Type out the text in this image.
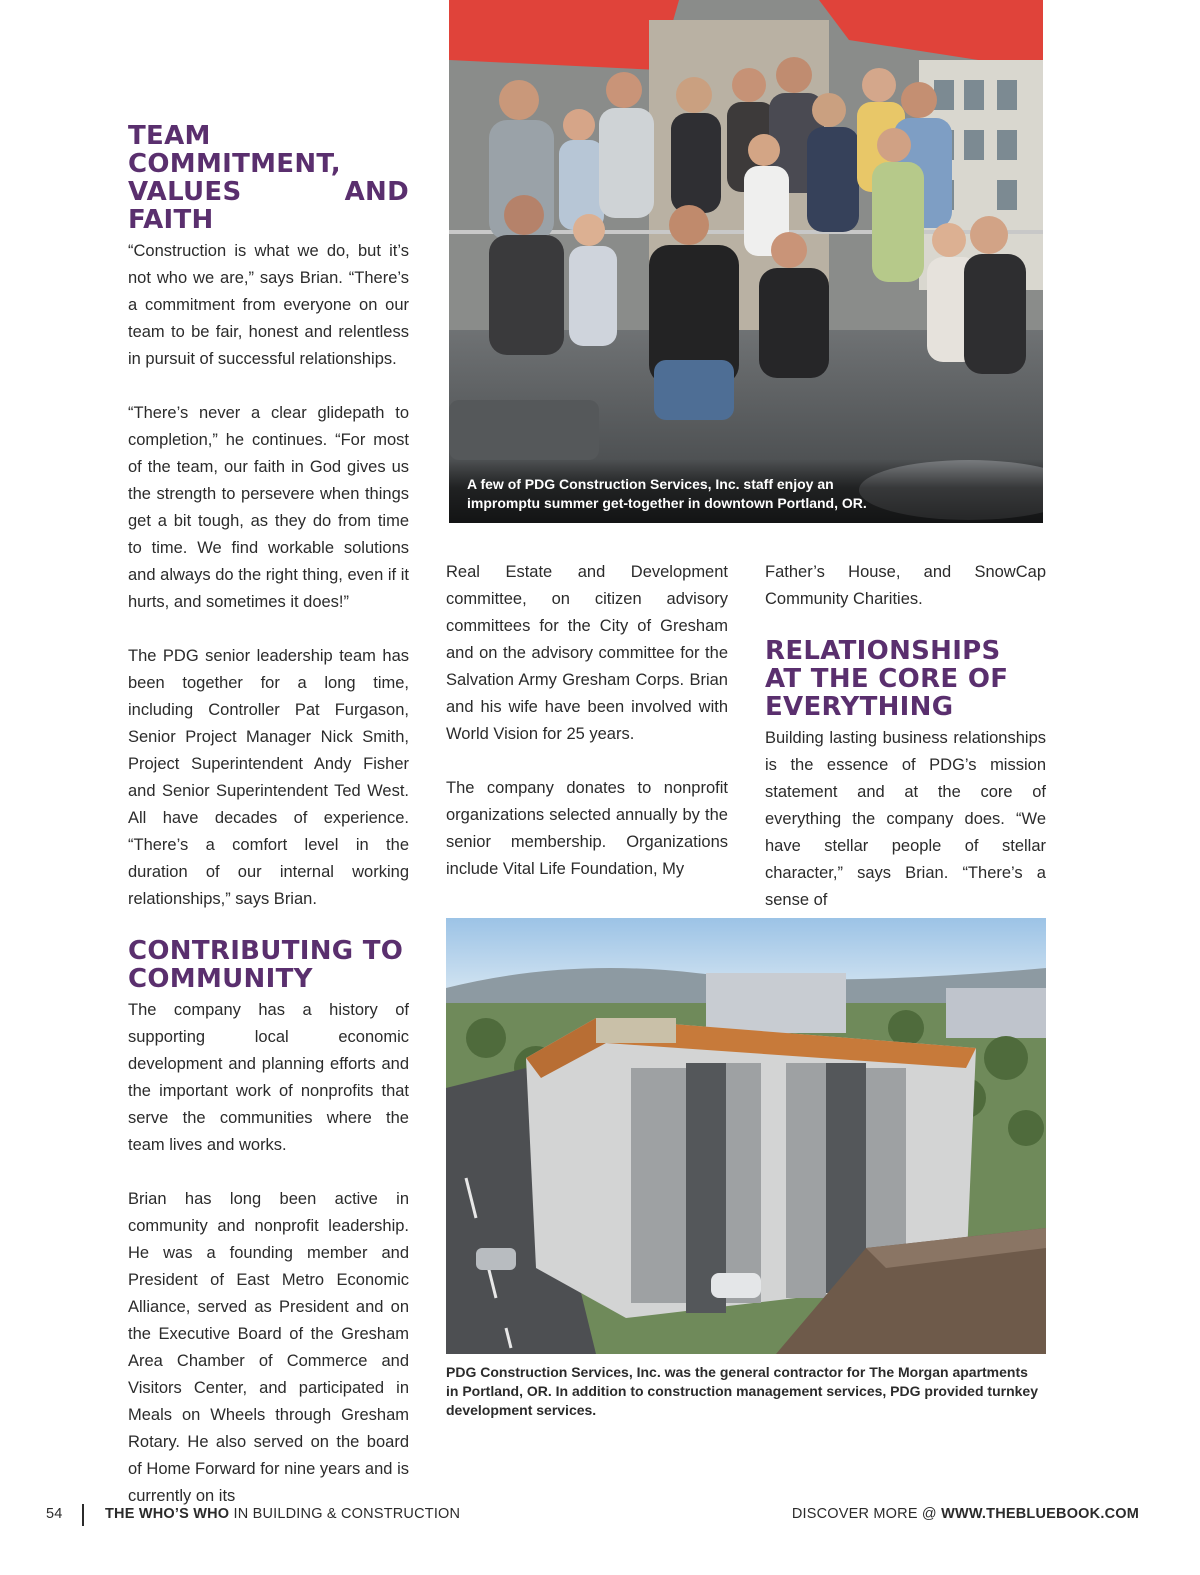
TEAM COMMITMENT,
VALUES AND FAITH

“Construction is what we do, but it’s not who we are,” says Brian. “There’s a commitment from everyone on our team to be fair, honest and relentless in pursuit of successful relationships.

“There’s never a clear glidepath to completion,” he continues. “For most of the team, our faith in God gives us the strength to persevere when things get a bit tough, as they do from time to time. We find workable solutions and always do the right thing, even if it hurts, and sometimes it does!”

The PDG senior leadership team has been together for a long time, including Controller Pat Furgason, Senior Project Manager Nick Smith, Project Superintendent Andy Fisher and Senior Superintendent Ted West. All have decades of experience. “There’s a comfort level in the duration of our internal working relationships,” says Brian.

CONTRIBUTING TO
COMMUNITY

The company has a history of supporting local economic development and planning efforts and the important work of nonprofits that serve the communities where the team lives and works.

Brian has long been active in community and nonprofit leadership. He was a founding member and President of East Metro Economic Alliance, served as President and on the Executive Board of the Gresham Area Chamber of Commerce and Visitors Center, and participated in Meals on Wheels through Gresham Rotary. He also served on the board of Home Forward for nine years and is currently on its

A few of PDG Construction Services, Inc. staff enjoy an
impromptu summer get-together in downtown Portland, OR.

Real Estate and Development committee, on citizen advisory committees for the City of Gresham and on the advisory committee for the Salvation Army Gresham Corps. Brian and his wife have been involved with World Vision for 25 years.

The company donates to nonprofit organizations selected annually by the senior membership. Organizations include Vital Life Foundation, My

Father’s House, and SnowCap Community Charities.

RELATIONSHIPS
AT THE CORE OF
EVERYTHING

Building lasting business relationships is the essence of PDG’s mission statement and at the core of everything the company does. “We have stellar people of stellar character,” says Brian. “There’s a sense of

PDG Construction Services, Inc. was the general contractor for The Morgan apartments
in Portland, OR. In addition to construction management services, PDG provided turnkey
development services.
54	THE WHO’S WHO IN BUILDING & CONSTRUCTION	DISCOVER MORE @ WWW.THEBLUEBOOK.COM
